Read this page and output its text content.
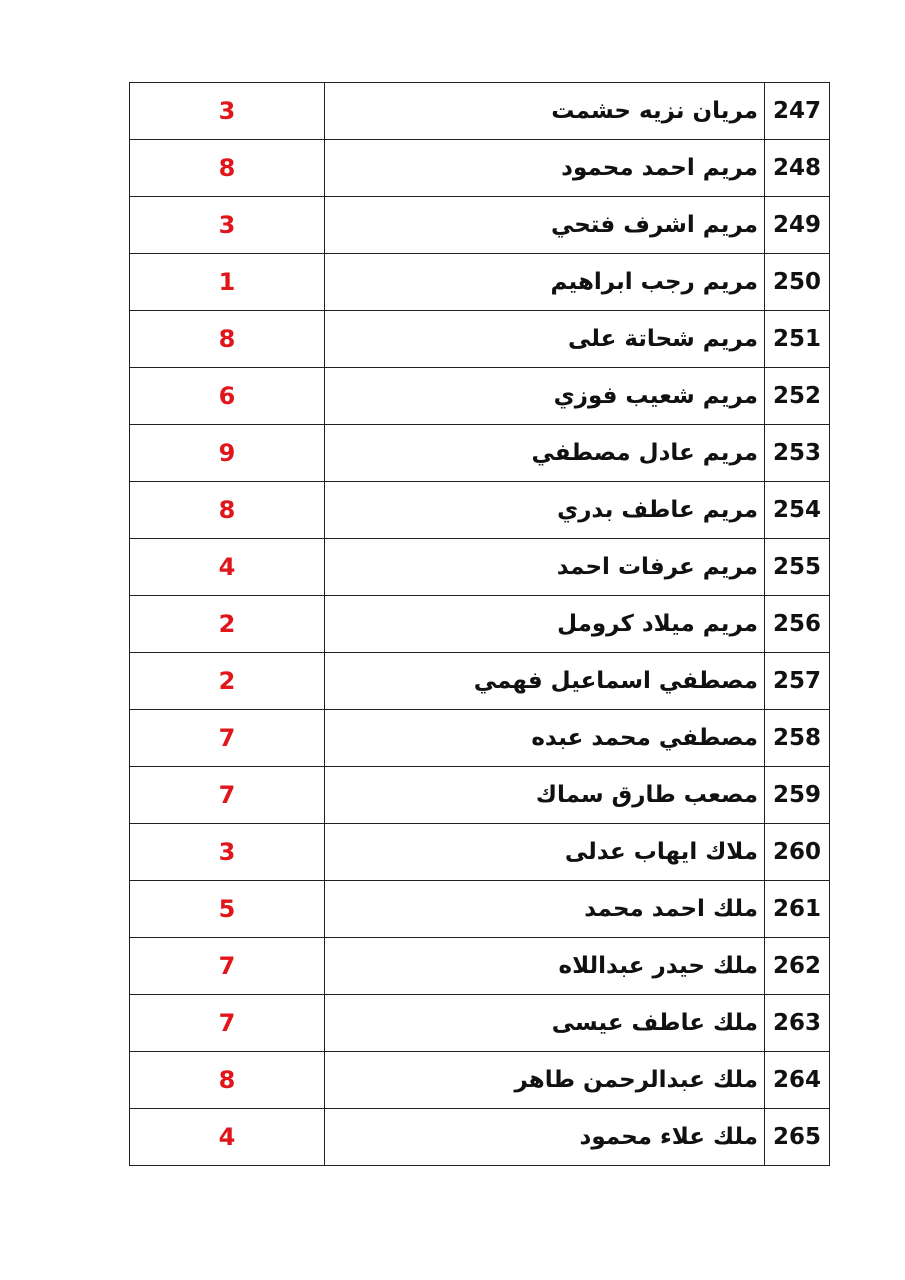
3	مريان نزيه حشمت	247
8	مريم احمد محمود	248
3	مريم اشرف فتحي	249
1	مريم رجب ابراهيم	250
8	مريم شحاتة على	251
6	مريم شعيب فوزي	252
9	مريم عادل مصطفي	253
8	مريم عاطف بدري	254
4	مريم عرفات احمد	255
2	مريم ميلاد كرومل	256
2	مصطفي اسماعيل فهمي	257
7	مصطفي محمد عبده	258
7	مصعب طارق سماك	259
3	ملاك ايهاب عدلى	260
5	ملك احمد محمد	261
7	ملك حيدر عبداللاه	262
7	ملك عاطف عيسى	263
8	ملك عبدالرحمن طاهر	264
4	ملك علاء محمود	265
